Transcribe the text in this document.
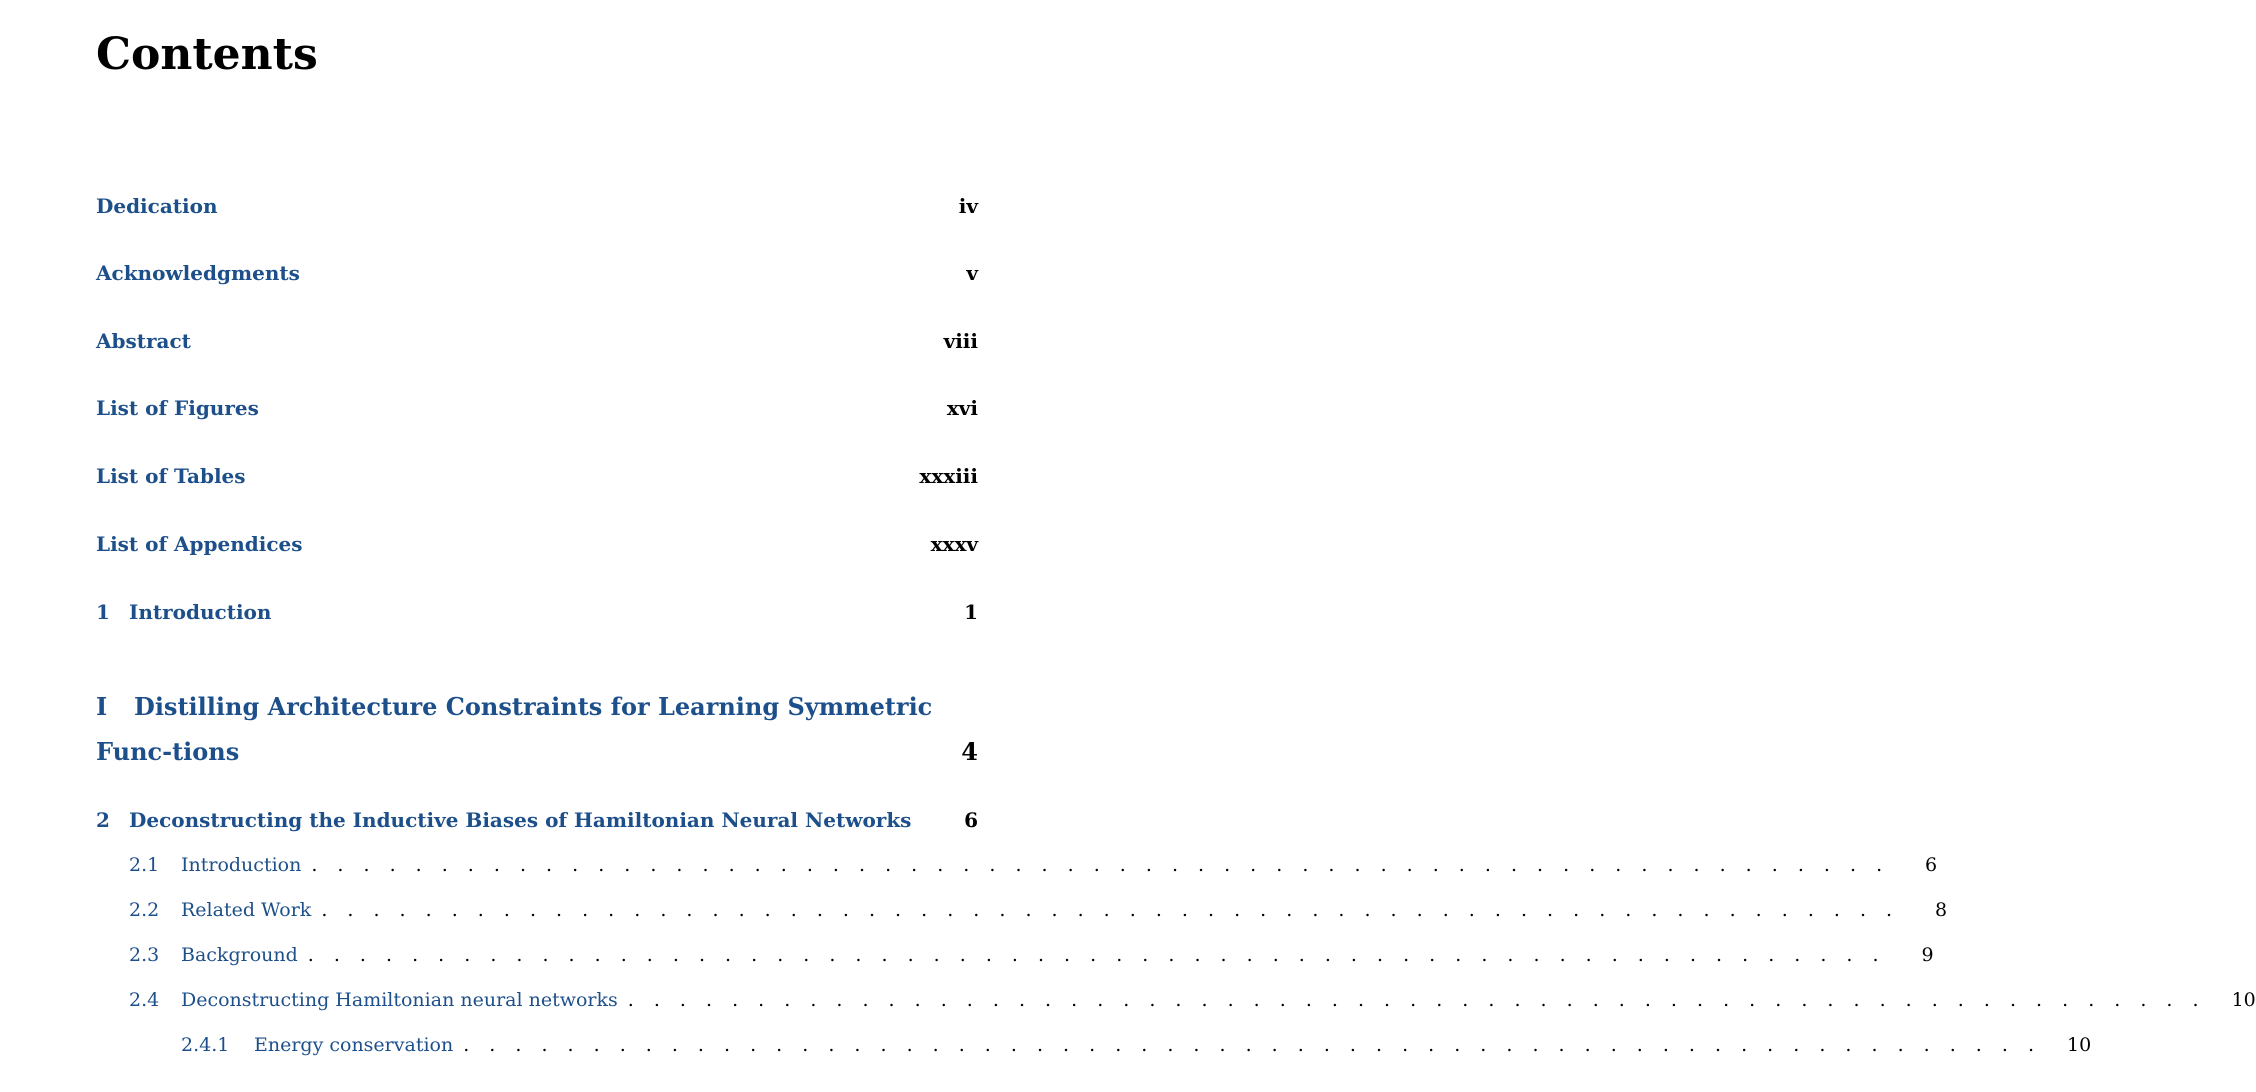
Contents
Dedication	iv
Acknowledgments	v
Abstract	viii
List of Figures	xvi
List of Tables	xxxiii
List of Appendices	xxxv
1 Introduction	1
I Distilling Architecture Constraints for Learning Symmetric Func-tions	4
2 Deconstructing the Inductive Biases of Hamiltonian Neural Networks	6
2.1 Introduction . . . . . . . . . . . . . . . . . . . . . . . . . . . . . . . . . . . . . . . . . . . . . . . . . . . . . . . . . . . . .	6
2.2 Related Work . . . . . . . . . . . . . . . . . . . . . . . . . . . . . . . . . . . . . . . . . . . . . . . . . . . . . . . . . . . . .	8
2.3 Background . . . . . . . . . . . . . . . . . . . . . . . . . . . . . . . . . . . . . . . . . . . . . . . . . . . . . . . . . . . . .	9
2.4 Deconstructing Hamiltonian neural networks . . . . . . . . . . . . . . . . . . . . . . . . . . . . . . . . . . . . . . . . . . . . . . . . . . . . . . . . . . . . . 10
2.4.1 Energy conservation . . . . . . . . . . . . . . . . . . . . . . . . . . . . . . . . . . . . . . . . . . . . . . . . . . . . . . . . . . . . . 10
